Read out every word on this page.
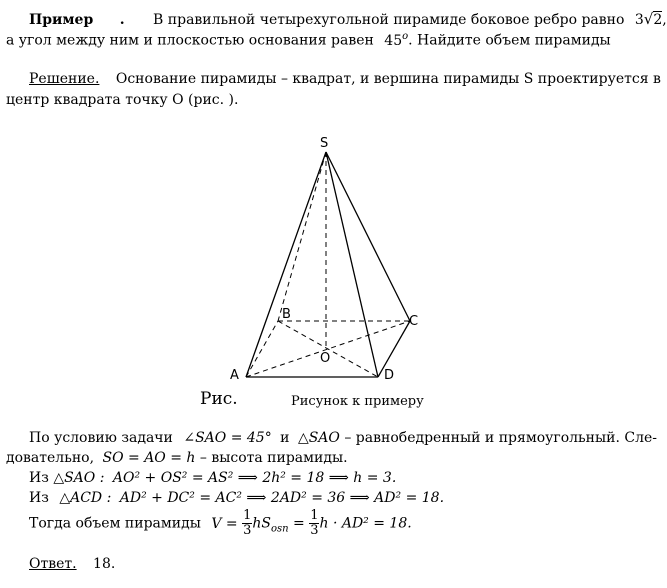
Пример . В правильной четырехугольной пирамиде боковое ребро равно 3√2,
а угол между ним и плоскостью основания равен 45$^o$. Найдите объем пирамиды
Решение. Основание пирамиды – квадрат, и вершина пирамиды S проектируется в
центр квадрата точку O (рис. ).
S
A
B	C
D
O
Рис.	Рисунок к примеру
По условию задачи ∠SAO = 45° и △SAO – равнобедренный и прямоугольный. Сле-
довательно, SO = AO = h – высота пирамиды.
Из △SAO : AO² + OS² = AS² ⟹ 2h² = 18 ⟹ h = 3.
Из △ACD : AD² + DC² = AC² ⟹ 2AD² = 36 ⟹ AD² = 18.
Тогда объем пирамиды $V = \frac{1}{3} hS_{osn} = \frac{1}{3}$ h · AD² = 18.
Ответ. 18.
